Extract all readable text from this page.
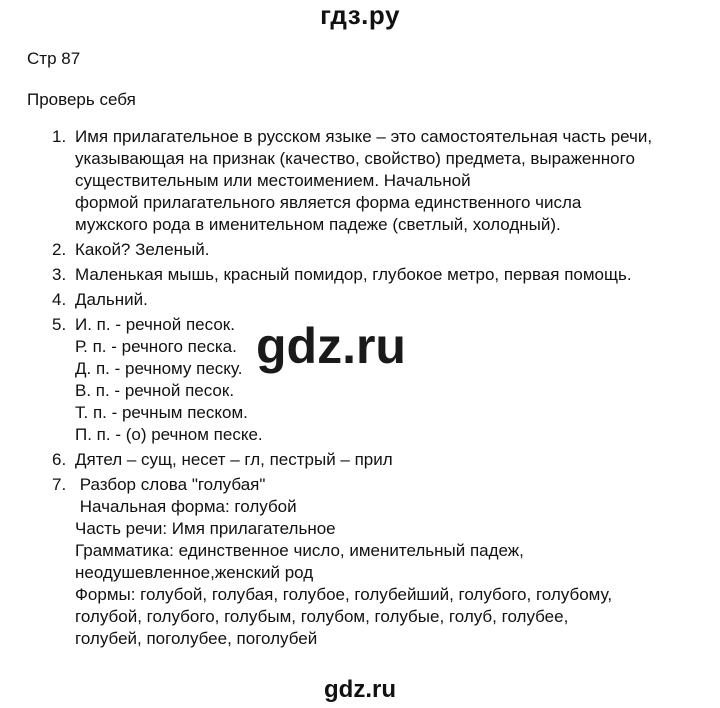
гдз.ру
Стр 87
Проверь себя
1. Имя прилагательное в русском языке – это самостоятельная часть речи,
указывающая на признак (качество, свойство) предмета, выраженного
существительным или местоимением. Начальной
формой прилагательного является форма единственного числа
мужского рода в именительном падеже (светлый, холодный).
2. Какой? Зеленый.
3. Маленькая мышь, красный помидор, глубокое метро, первая помощь.
4. Дальний.
5. И. п. - речной песок.
Р. п. - речного песка.
Д. п. - речному песку.
В. п. - речной песок.
Т. п. - речным песком.
П. п. - (о) речном песке.
6. Дятел – сущ, несет – гл, пестрый – прил
7. Разбор слова "голубая"
Начальная форма: голубой
Часть речи: Имя прилагательное
Грамматика: единственное число, именительный падеж,
неодушевленное,женский род
Формы: голубой, голубая, голубое, голубейший, голубого, голубому,
голубой, голубого, голубым, голубом, голубые, голуб, голубее,
голубей, поголубее, поголубей
gdz.ru
gdz.ru
